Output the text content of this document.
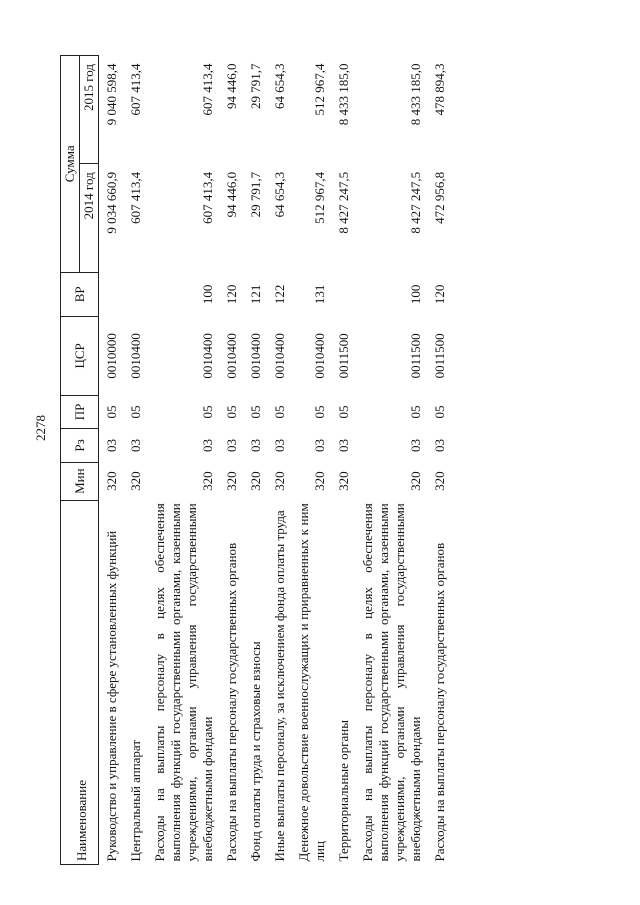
2278
Наименование	Мин	Рз	ПР	ЦСР	ВР	Сумма	
						2014 год	2015 год
Руководство и управление в сфере установленных функций	320	03	05	0010000		9 034 660,9	9 040 598,4
Центральный аппарат	320	03	05	0010400		607 413,4	607 413,4
Расходы на выплаты персоналу в целях обеспечения выполнения функций государственными органами, казенными учреждениями, органами управления государственными внебюджетными фондами	320	03	05	0010400	100	607 413,4	607 413,4
Расходы на выплаты персоналу государственных органов	320	03	05	0010400	120	94 446,0	94 446,0
Фонд оплаты труда и страховые взносы	320	03	05	0010400	121	29 791,7	29 791,7
Иные выплаты персоналу, за исключением фонда оплаты труда	320	03	05	0010400	122	64 654,3	64 654,3
Денежное довольствие военнослужащих и приравненных к ним лиц	320	03	05	0010400	131	512 967,4	512 967,4
Территориальные органы	320	03	05	0011500		8 427 247,5	8 433 185,0
Расходы на выплаты персоналу в целях обеспечения выполнения функций государственными органами, казенными учреждениями, органами управления государственными внебюджетными фондами	320	03	05	0011500	100	8 427 247,5	8 433 185,0
Расходы на выплаты персоналу государственных органов	320	03	05	0011500	120	472 956,8	478 894,3
